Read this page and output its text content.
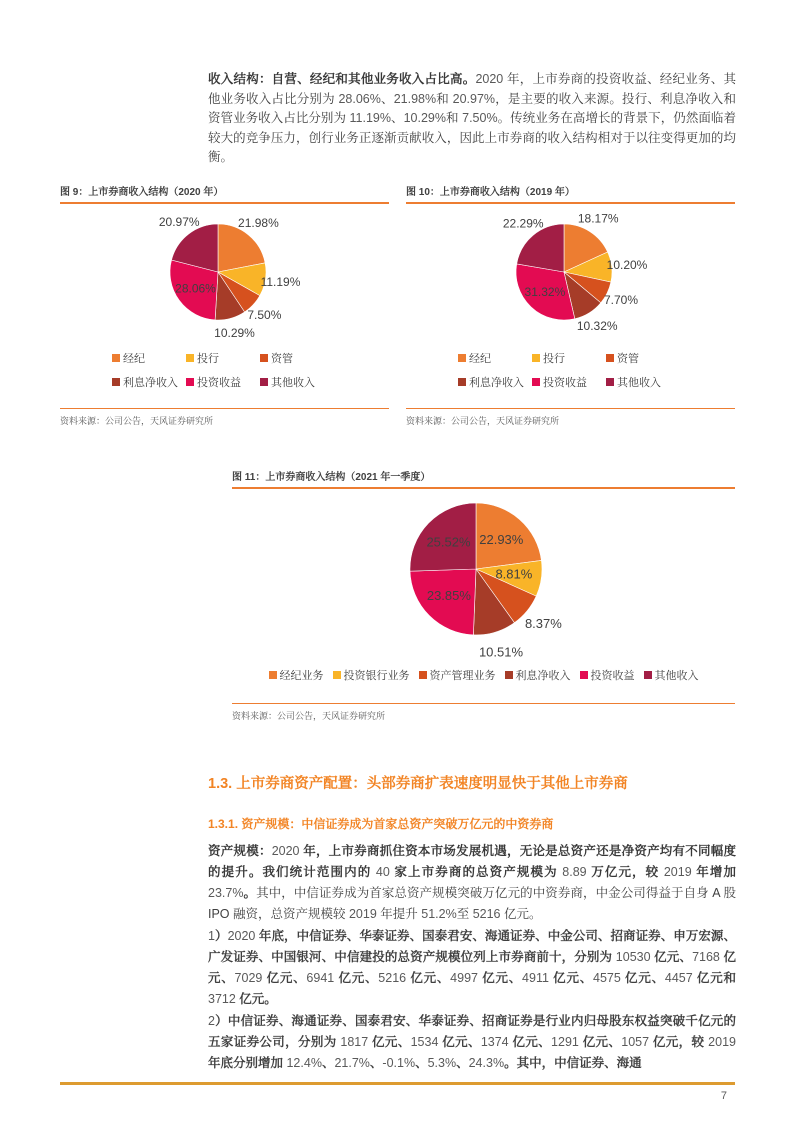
收入结构：自营、经纪和其他业务收入占比高。2020 年，上市券商的投资收益、经纪业务、其他业务收入占比分别为 28.06%、21.98%和 20.97%，是主要的收入来源。投行、利息净收入和资管业务收入占比分别为 11.19%、10.29%和 7.50%。传统业务在高增长的背景下，仍然面临着较大的竞争压力，创行业务正逐渐贡献收入，因此上市券商的收入结构相对于以往变得更加的均衡。

图 9：上市券商收入结构（2020 年）
21.98%
11.19%
7.50%
10.29%
28.06%
20.97%
经纪	投行	资管
利息净收入 投资收益	其他收入
资料来源：公司公告，天风证券研究所
图 10：上市券商收入结构（2019 年）
18.17%
10.20%
7.70%
10.32%
31.32%
22.29%
经纪	投行	资管
利息净收入 投资收益	其他收入
资料来源：公司公告，天风证券研究所
图 11：上市券商收入结构（2021 年一季度）
22.93%
8.81%
8.37%
10.51%
23.85%
25.52%
经纪业务 投资银行业务 资产管理业务 利息净收入 投资收益 其他收入
资料来源：公司公告，天风证券研究所
1.3. 上市券商资产配置：头部券商扩表速度明显快于其他上市券商
1.3.1. 资产规模：中信证券成为首家总资产突破万亿元的中资券商

资产规模：2020 年，上市券商抓住资本市场发展机遇，无论是总资产还是净资产均有不同幅度的提升。我们统计范围内的 40 家上市券商的总资产规模为 8.89 万亿元，较 2019 年增加 23.7%。其中，中信证券成为首家总资产规模突破万亿元的中资券商，中金公司得益于自身 A 股 IPO 融资，总资产规模较 2019 年提升 51.2%至 5216 亿元。

1）2020 年底，中信证券、华泰证券、国泰君安、海通证券、中金公司、招商证券、申万宏源、广发证券、中国银河、中信建投的总资产规模位列上市券商前十，分别为 10530 亿元、7168 亿元、7029 亿元、6941 亿元、5216 亿元、4997 亿元、4911 亿元、4575 亿元、4457 亿元和 3712 亿元。

2）中信证券、海通证券、国泰君安、华泰证券、招商证券是行业内归母股东权益突破千亿元的五家证券公司，分别为 1817 亿元、1534 亿元、1374 亿元、1291 亿元、1057 亿元，较 2019 年底分别增加 12.4%、21.7%、-0.1%、5.3%、24.3%。其中，中信证券、海通

7
